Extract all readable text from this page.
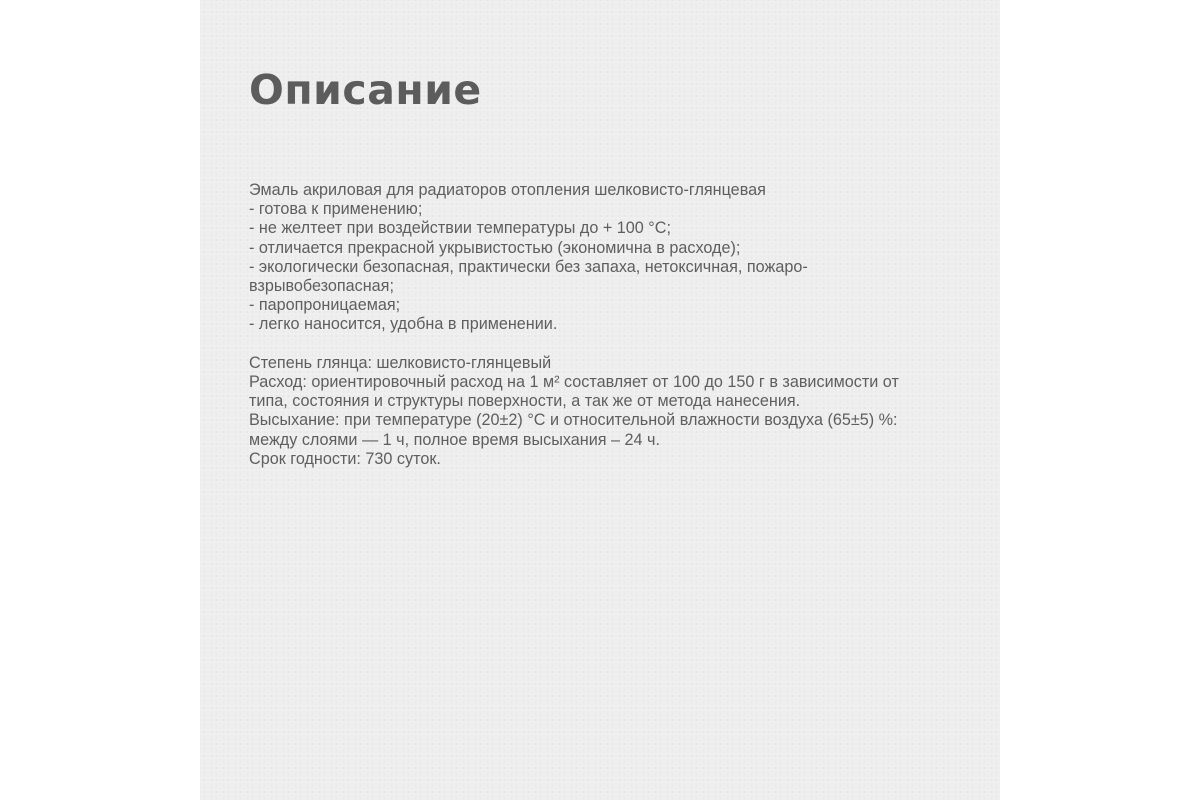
Описание
Эмаль акриловая для радиаторов отопления шелковисто-глянцевая
- готова к применению;
- не желтеет при воздействии температуры до + 100 °С;
- отличается прекрасной укрывистостью (экономична в расходе);
- экологически безопасная, практически без запаха, нетоксичная, пожаро-
взрывобезопасная;
- паропроницаемая;
- легко наносится, удобна в применении.
Степень глянца: шелковисто-глянцевый
Расход: ориентировочный расход на 1 м² составляет от 100 до 150 г в зависимости от
типа, состояния и структуры поверхности, а так же от метода нанесения.
Высыхание: при температуре (20±2) °С и относительной влажности воздуха (65±5) %:
между слоями — 1 ч, полное время высыхания – 24 ч.
Срок годности: 730 суток.
